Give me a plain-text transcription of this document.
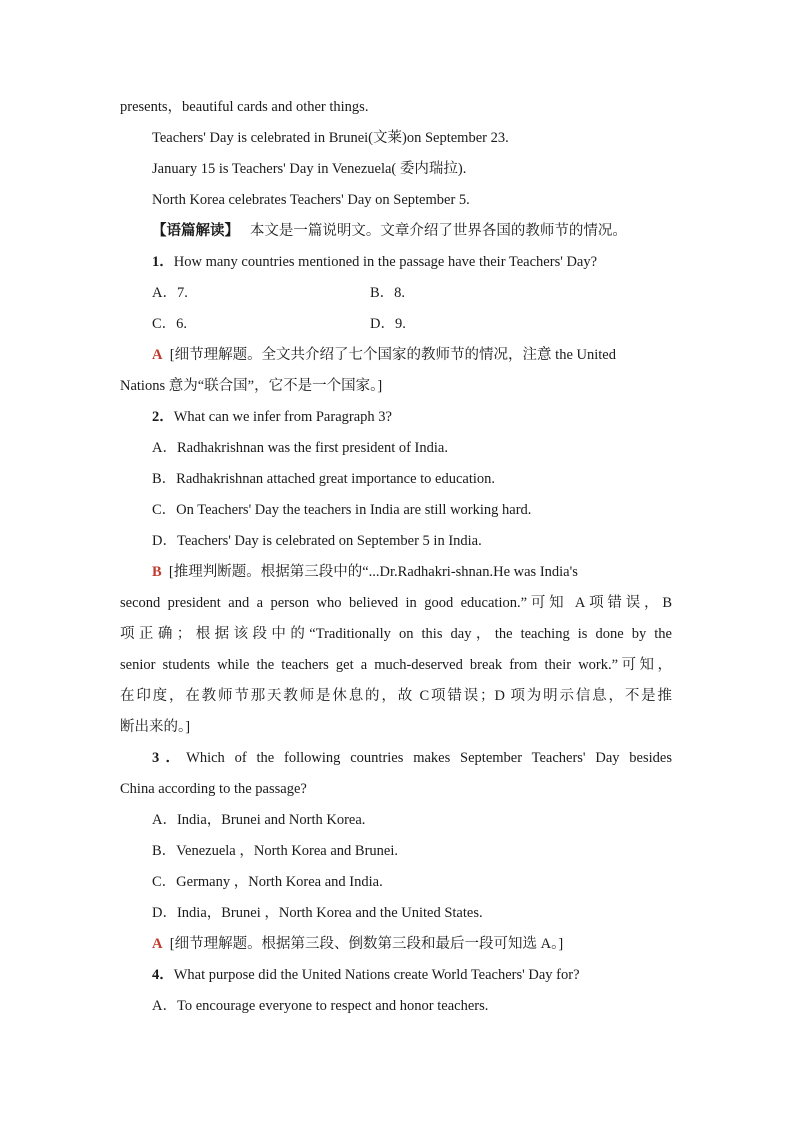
presents，beautiful cards and other things.
Teachers' Day is celebrated in Brunei(文莱)on September 23.
January 15 is Teachers' Day in Venezuela( 委内瑞拉).
North Korea celebrates Teachers' Day on September 5.
【语篇解读】 本文是一篇说明文。文章介绍了世界各国的教师节的情况。
1．How many countries mentioned in the passage have their Teachers' Day?
A．7.	B．8.
C．6.	D．9.
A [细节理解题。全文共介绍了七个国家的教师节的情况，注意 the United
Nations 意为“联合国”，它不是一个国家。]
2．What can we infer from Paragraph 3?
A．Radhakrishnan was the first president of India.
B．Radhakrishnan attached great importance to education.
C．On Teachers' Day the teachers in India are still working hard.
D．Teachers' Day is celebrated on September 5 in India.
B [推理判断题。根据第三段中的“...Dr.Radhakri-shnan.He was India's
second president and a person who believed in good education.”可知 A项错误，B
项正确；根据该段中的“Traditionally on this day，the teaching is done by the
senior students while the teachers get a much-deserved break from their work.”可知，
在印度，在教师节那天教师是休息的，故 C项错误；D 项为明示信息，不是推
断出来的。]
3．Which of the following countries makes September Teachers' Day besides
China according to the passage?
A．India，Brunei and North Korea.
B．Venezuela ，North Korea and Brunei.
C．Germany ，North Korea and India.
D．India，Brunei ，North Korea and the United States.
A [细节理解题。根据第三段、倒数第三段和最后一段可知选 A。]
4．What purpose did the United Nations create World Teachers' Day for?
A．To encourage everyone to respect and honor teachers.
